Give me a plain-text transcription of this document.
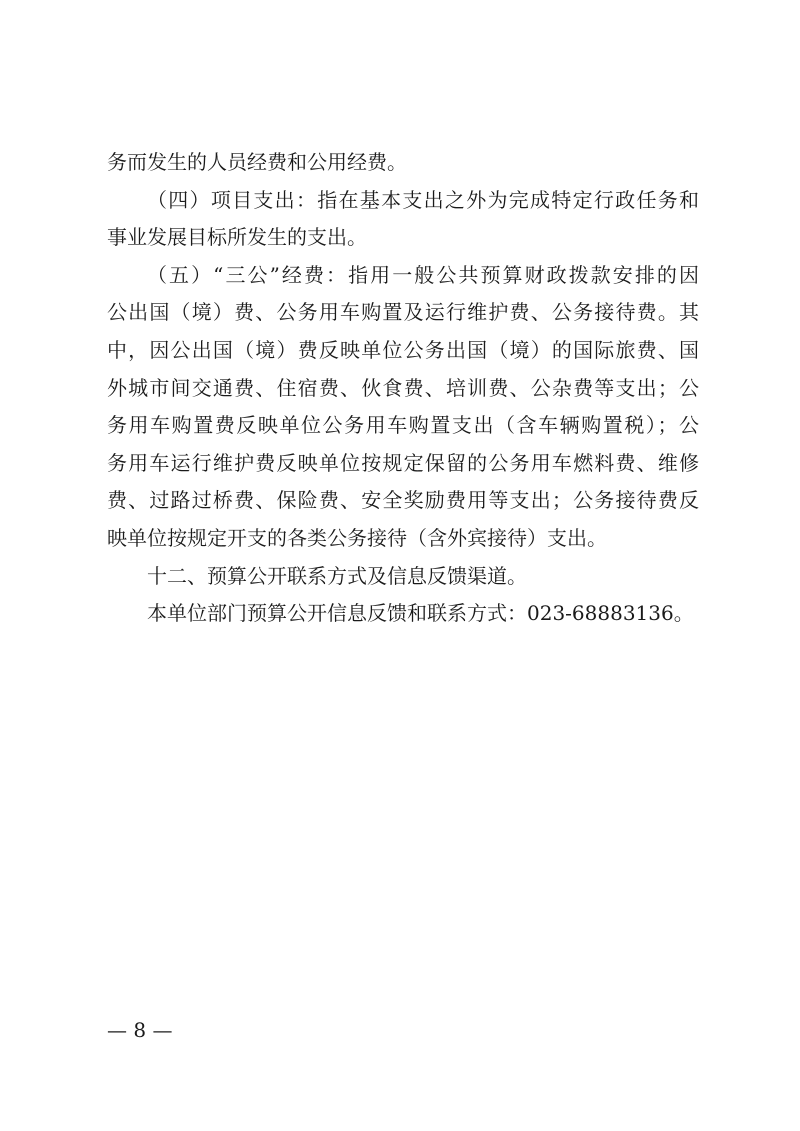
务而发生的人员经费和公用经费。
（四）项目支出：指在基本支出之外为完成特定行政任务和
事业发展目标所发生的支出。
（五）“三公”经费：指用一般公共预算财政拨款安排的因
公出国（境）费、公务用车购置及运行维护费、公务接待费。其
中，因公出国（境）费反映单位公务出国（境）的国际旅费、国
外城市间交通费、住宿费、伙食费、培训费、公杂费等支出；公
务用车购置费反映单位公务用车购置支出（含车辆购置税）；公
务用车运行维护费反映单位按规定保留的公务用车燃料费、维修
费、过路过桥费、保险费、安全奖励费用等支出；公务接待费反
映单位按规定开支的各类公务接待（含外宾接待）支出。
十二、预算公开联系方式及信息反馈渠道。
本单位部门预算公开信息反馈和联系方式：023-68883136。
— 8 —
